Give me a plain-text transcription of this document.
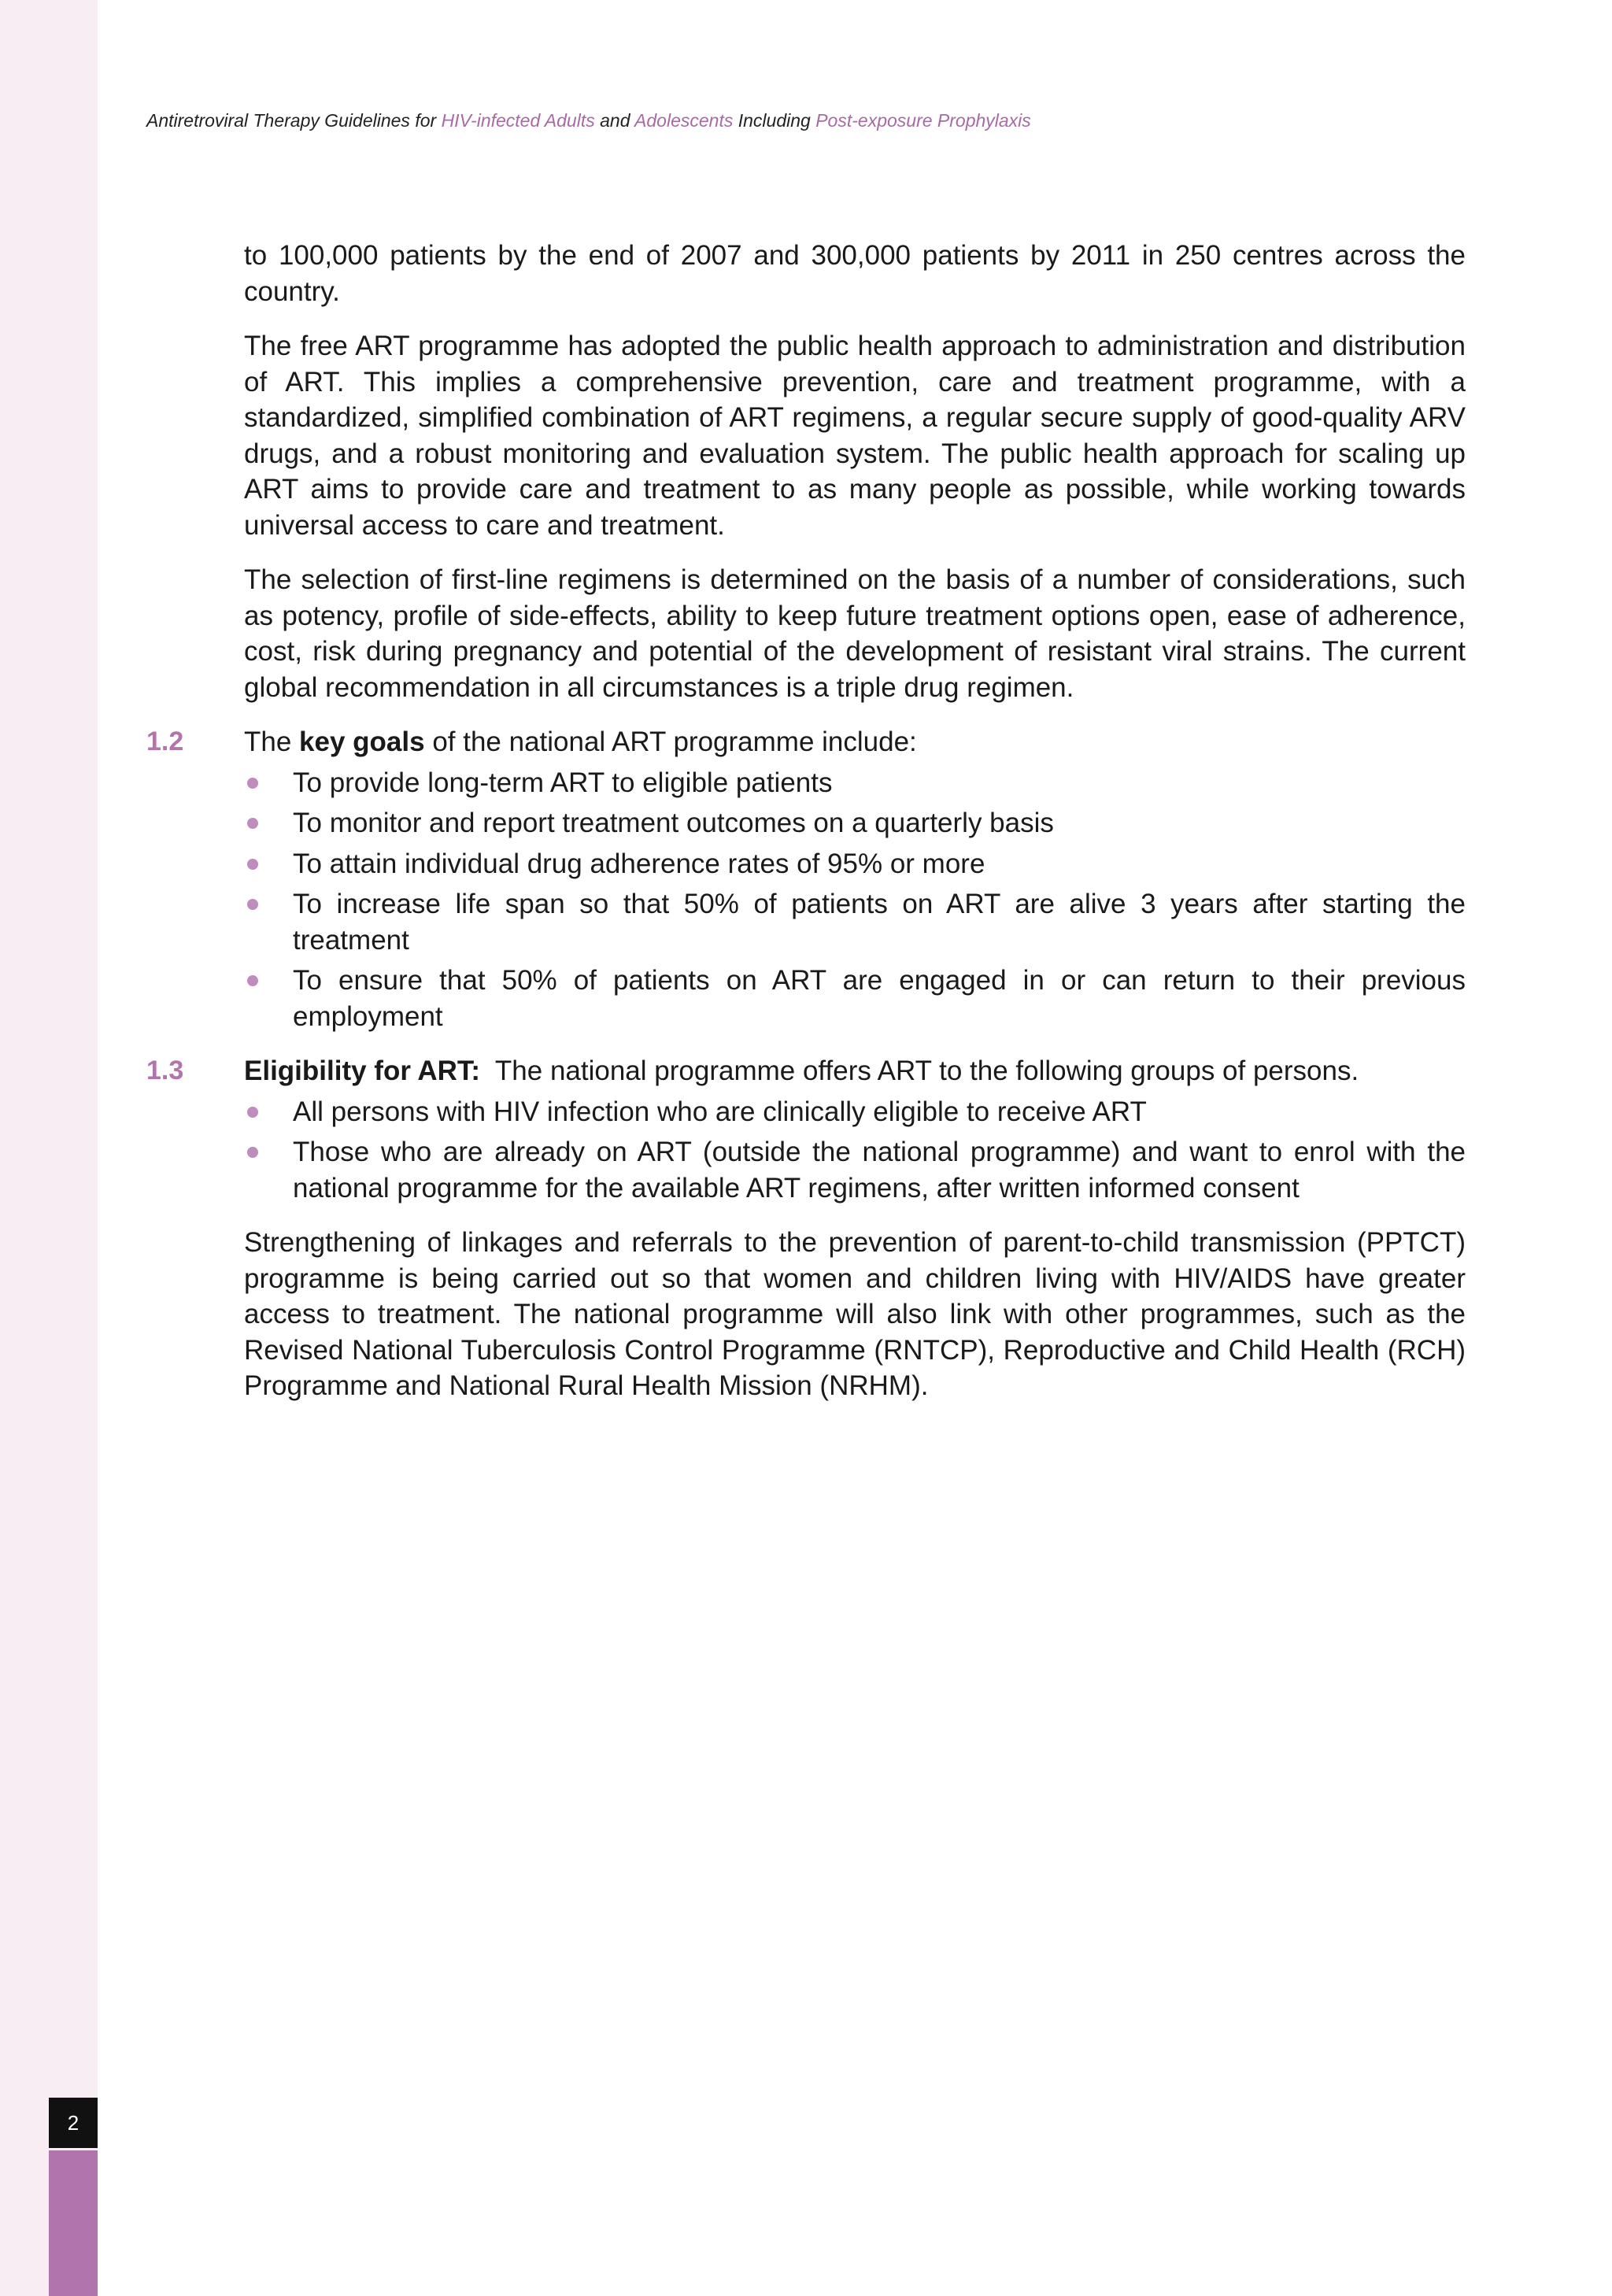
2
Antiretroviral Therapy Guidelines for HIV-infected Adults and Adolescents Including Post-exposure Prophylaxis

to 100,000 patients by the end of 2007 and 300,000 patients by 2011 in 250 centres across the country.

The free ART programme has adopted the public health approach to administration and distribution of ART. This implies a comprehensive prevention, care and treatment programme, with a standardized, simplified combination of ART regimens, a regular secure supply of good-quality ARV drugs, and a robust monitoring and evaluation system. The public health approach for scaling up ART aims to provide care and treatment to as many people as possible, while working towards universal access to care and treatment.

The selection of first-line regimens is determined on the basis of a number of considerations, such as potency, profile of side-effects, ability to keep future treatment options open, ease of adherence, cost, risk during pregnancy and potential of the development of resistant viral strains. The current global recommendation in all circumstances is a triple drug regimen.

1.2 The key goals of the national ART programme include:

To provide long-term ART to eligible patients
To monitor and report treatment outcomes on a quarterly basis
To attain individual drug adherence rates of 95% or more
To increase life span so that 50% of patients on ART are alive 3 years after starting the treatment
To ensure that 50% of patients on ART are engaged in or can return to their previous employment
1.3 Eligibility for ART:  The national programme offers ART to the following groups of persons.

All persons with HIV infection who are clinically eligible to receive ART
Those who are already on ART (outside the national programme) and want to enrol with the national programme for the available ART regimens, after written informed consent

Strengthening of linkages and referrals to the prevention of parent-to-child transmission (PPTCT) programme is being carried out so that women and children living with HIV/AIDS have greater access to treatment. The national programme will also link with other programmes, such as the Revised National Tuberculosis Control Programme (RNTCP), Reproductive and Child Health (RCH) Programme and National Rural Health Mission (NRHM).
